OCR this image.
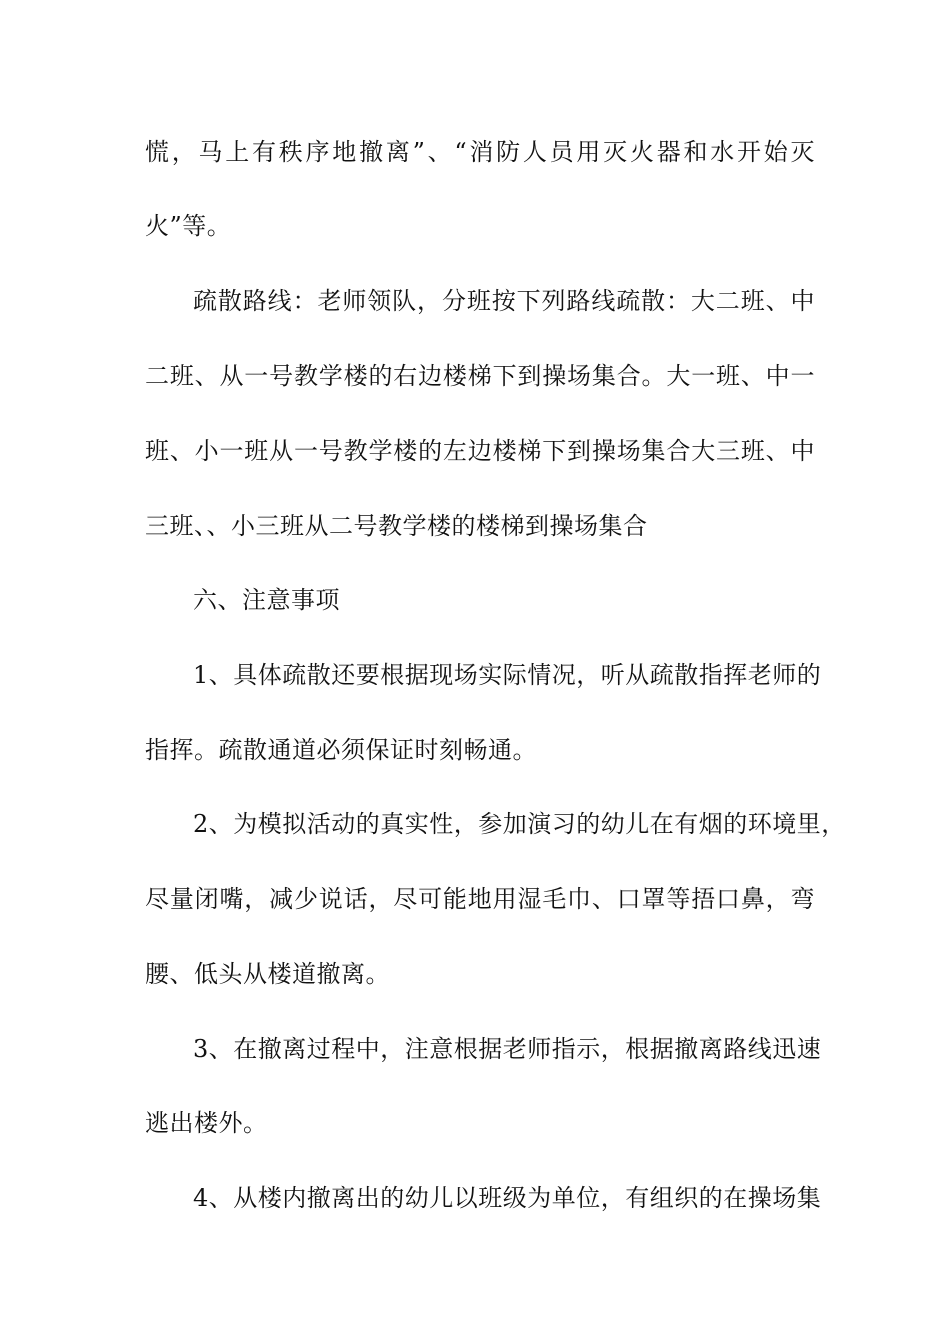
慌，马上有秩序地撤离”、“消防人员用灭火器和水开始灭
火”等。
疏散路线：老师领队，分班按下列路线疏散：大二班、中
二班、从一号教学楼的右边楼梯下到操场集合。大一班、中一
班、小一班从一号教学楼的左边楼梯下到操场集合大三班、中
三班、、小三班从二号教学楼的楼梯到操场集合
六、注意事项
1、具体疏散还要根据现场实际情况，听从疏散指挥老师的
指挥。疏散通道必须保证时刻畅通。
2、为模拟活动的真实性，参加演习的幼儿在有烟的环境里，
尽量闭嘴，减少说话，尽可能地用湿毛巾、口罩等捂口鼻，弯
腰、低头从楼道撤离。
3、在撤离过程中，注意根据老师指示，根据撤离路线迅速
逃出楼外。
4、从楼内撤离出的幼儿以班级为单位，有组织的在操场集
